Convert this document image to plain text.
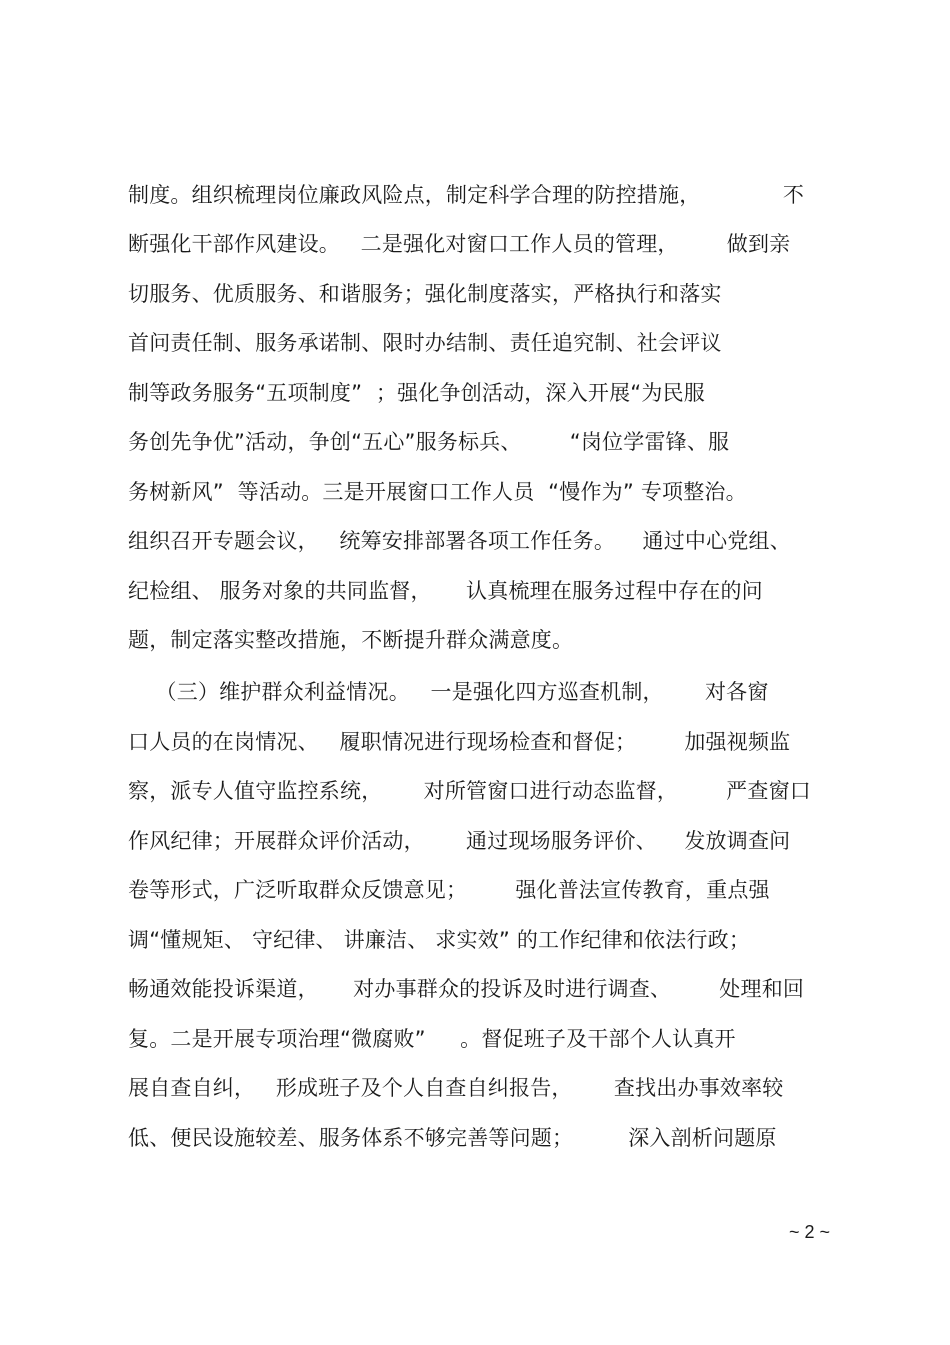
制度。组织梳理岗位廉政风险点，制定科学合理的防控措施，            不
断强化干部作风建设。   二是强化对窗口工作人员的管理，       做到亲
切服务、优质服务、和谐服务；强化制度落实，严格执行和落实
首问责任制、服务承诺制、限时办结制、责任追究制、社会评议
制等政务服务“五项制度”  ；强化争创活动，深入开展“为民服
务创先争优”活动，争创“五心”服务标兵、       “岗位学雷锋、服
务树新风”  等活动。三是开展窗口工作人员  “慢作为” 专项整治。
组织召开专题会议，   统筹安排部署各项工作任务。    通过中心党组、
纪检组、 服务对象的共同监督，     认真梳理在服务过程中存在的问
题，制定落实整改措施，不断提升群众满意度。
（三）维护群众利益情况。   一是强化四方巡查机制，      对各窗
口人员的在岗情况、   履职情况进行现场检查和督促；       加强视频监
察，派专人值守监控系统，      对所管窗口进行动态监督，       严查窗口
作风纪律；开展群众评价活动，      通过现场服务评价、    发放调查问
卷等形式，广泛听取群众反馈意见；       强化普法宣传教育，重点强
调“懂规矩、 守纪律、 讲廉洁、 求实效” 的工作纪律和依法行政；
畅通效能投诉渠道，     对办事群众的投诉及时进行调查、       处理和回
复。二是开展专项治理“微腐败”     。督促班子及干部个人认真开
展自查自纠，   形成班子及个人自查自纠报告，      查找出办事效率较
低、便民设施较差、服务体系不够完善等问题；        深入剖析问题原
~ 2 ~
